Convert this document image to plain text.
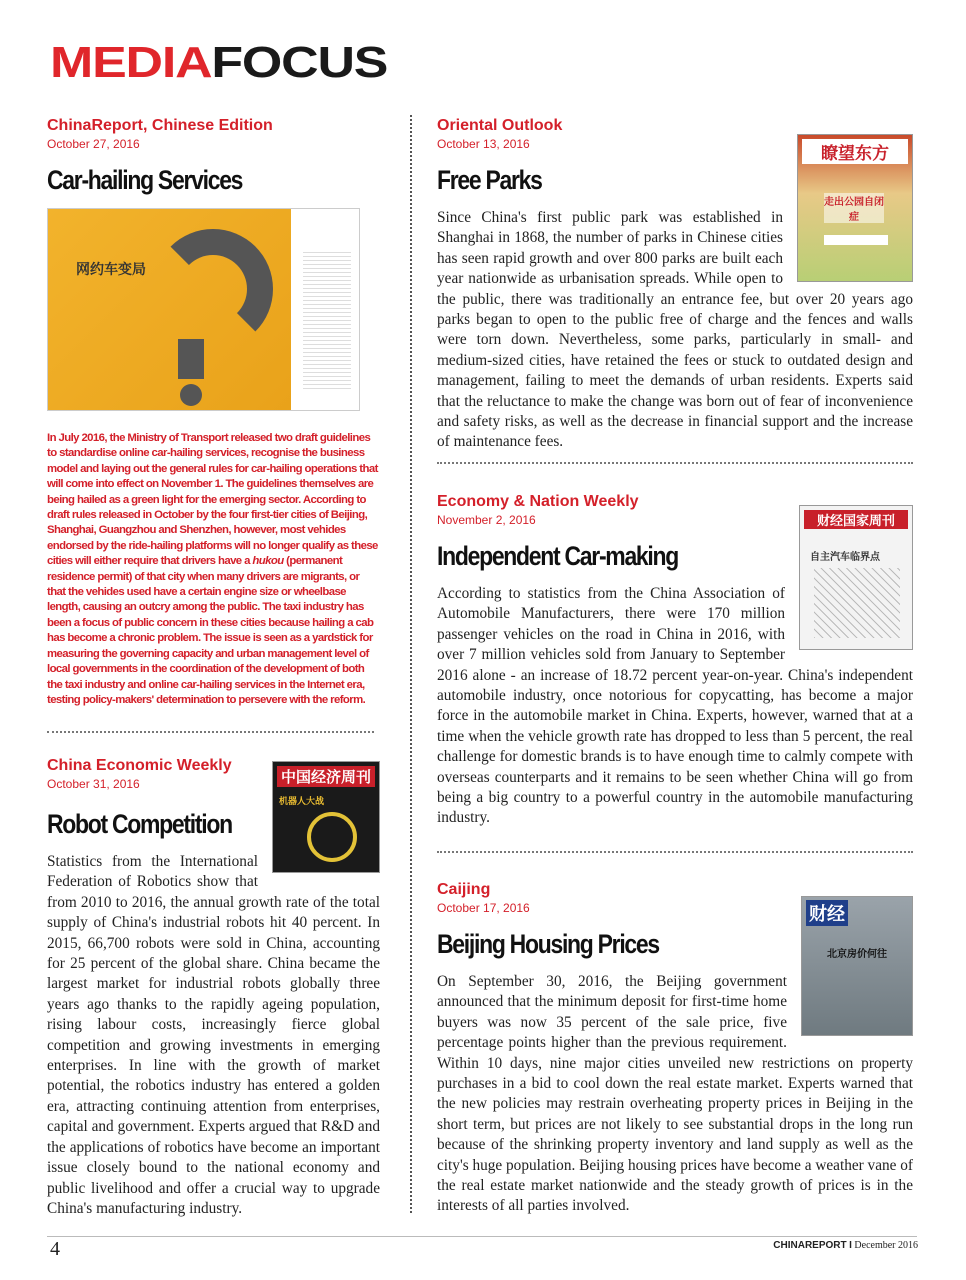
MEDIAFOCUS
ChinaReport, Chinese Edition
October 27, 2016
Car-hailing Services
网约车变局
In July 2016, the Ministry of Transport released two draft guidelines to standardise online car-hailing services, recognise the business model and laying out the general rules for car-hailing operations that will come into effect on November 1. The guidelines themselves are being hailed as a green light for the emerging sector. According to draft rules released in October by the four first-tier cities of Beijing, Shanghai, Guangzhou and Shenzhen, however, most vehides endorsed by the ride-hailing platforms will no longer qualify as these cities will either require that drivers have a hukou (permanent residence permit) of that city when many drivers are migrants, or that the vehides used have a certain engine size or wheelbase length, causing an outcry among the public. The taxi industry has been a focus of public concern in these cities because hailing a cab has become a chronic problem. The issue is seen as a yardstick for measuring the governing capacity and urban management level of local governments in the coordination of the development of both the taxi industry and online car-hailing services in the Internet era, testing policy-makers' determination to persevere with the reform.
中国经济周刊
机器人大战
China Economic Weekly
October 31, 2016
Robot Competition
Statistics from the International Federation of Robotics show that from 2010 to 2016, the annual growth rate of the total supply of China's industrial robots hit 40 percent. In 2015, 66,700 robots were sold in China, accounting for 25 percent of the global share. China became the largest market for industrial robots globally three years ago thanks to the rapidly ageing population, rising labour costs, increasingly fierce global competition and growing investments in emerging enterprises. In line with the growth of market potential, the robotics industry has entered a golden era, attracting continuing attention from enterprises, capital and government. Experts argued that R&D and the applications of robotics have become an important issue closely bound to the national economy and public livelihood and offer a crucial way to upgrade China's manufacturing industry.
瞭望东方
走出公园自闭症
Oriental Outlook
October 13, 2016
Free Parks
Since China's first public park was established in Shanghai in 1868, the number of parks in Chinese cities has seen rapid growth and over 800 parks are built each year nationwide as urbanisation spreads. While open to the public, there was traditionally an entrance fee, but over 20 years ago parks began to open to the public free of charge and the fences and walls were torn down. Nevertheless, some parks, particularly in small- and medium-sized cities, have retained the fees or stuck to outdated design and management, failing to meet the demands of urban residents. Experts said that the reluctance to make the change was born out of fear of inconvenience and safety risks, as well as the decrease in financial support and the increase of maintenance fees.
财经国家周刊
自主汽车临界点
Economy & Nation Weekly
November 2, 2016
Independent Car-making
According to statistics from the China Association of Automobile Manufacturers, there were 170 million passenger vehicles on the road in China in 2016, with over 7 million vehicles sold from January to September 2016 alone - an increase of 18.72 percent year-on-year. China's independent automobile industry, once notorious for copycatting, has become a major force in the automobile market in China. Experts, however, warned that at a time when the vehicle growth rate has dropped to less than 5 percent, the real challenge for domestic brands is to have enough time to calmly compete with overseas counterparts and it remains to be seen whether China will go from being a big country to a powerful country in the automobile manufacturing industry.
财经
北京房价何往
Caijing
October 17, 2016
Beijing Housing Prices
On September 30, 2016, the Beijing government announced that the minimum deposit for first-time home buyers was now 35 percent of the sale price, five percentage points higher than the previous requirement. Within 10 days, nine major cities unveiled new restrictions on property purchases in a bid to cool down the real estate market. Experts warned that the new policies may restrain overheating property prices in Beijing in the short term, but prices are not likely to see substantial drops in the long run because of the shrinking property inventory and land supply as well as the city's huge population. Beijing housing prices have become a weather vane of the real estate market nationwide and the steady growth of prices is in the interests of all parties involved.
4	CHINAREPORT I December 2016
